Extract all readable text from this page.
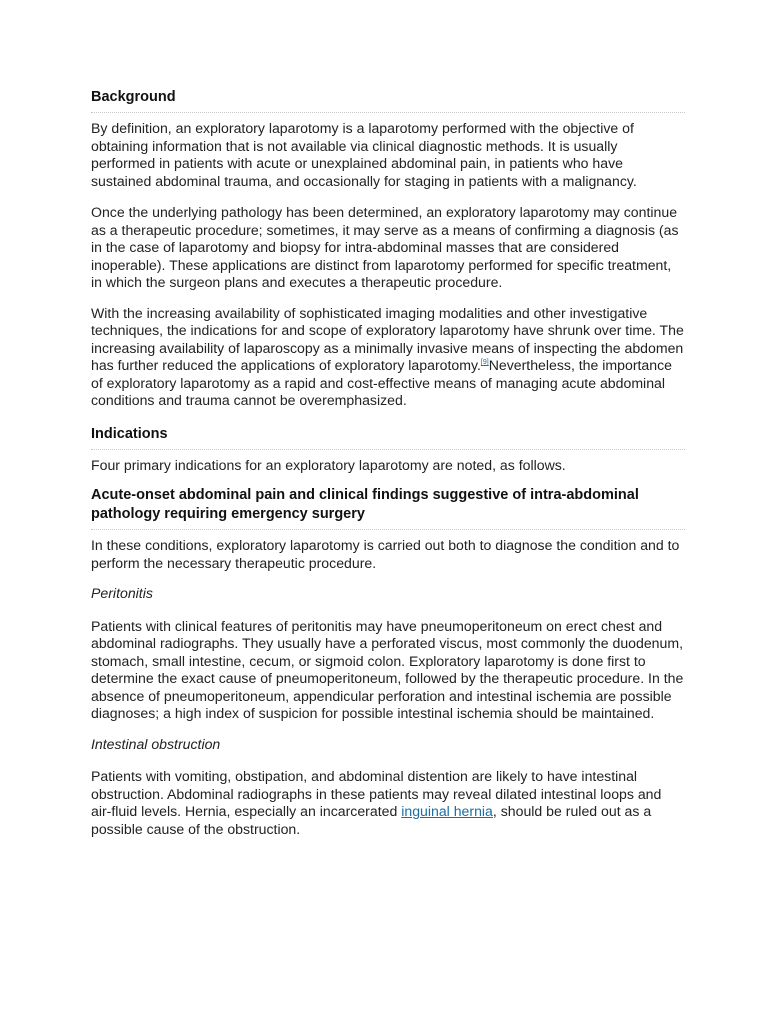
Background

By definition, an exploratory laparotomy is a laparotomy performed with the objective of obtaining information that is not available via clinical diagnostic methods. It is usually performed in patients with acute or unexplained abdominal pain, in patients who have sustained abdominal trauma, and occasionally for staging in patients with a malignancy.

Once the underlying pathology has been determined, an exploratory laparotomy may continue as a therapeutic procedure; sometimes, it may serve as a means of confirming a diagnosis (as in the case of laparotomy and biopsy for intra-abdominal masses that are considered inoperable). These applications are distinct from laparotomy performed for specific treatment, in which the surgeon plans and executes a therapeutic procedure.

With the increasing availability of sophisticated imaging modalities and other investigative techniques, the indications for and scope of exploratory laparotomy have shrunk over time. The increasing availability of laparoscopy as a minimally invasive means of inspecting the abdomen has further reduced the applications of exploratory laparotomy.[9]Nevertheless, the importance of exploratory laparotomy as a rapid and cost-effective means of managing acute abdominal conditions and trauma cannot be overemphasized.

Indications

Four primary indications for an exploratory laparotomy are noted, as follows.

Acute-onset abdominal pain and clinical findings suggestive of intra-abdominal pathology requiring emergency surgery

In these conditions, exploratory laparotomy is carried out both to diagnose the condition and to perform the necessary therapeutic procedure.

Peritonitis

Patients with clinical features of peritonitis may have pneumoperitoneum on erect chest and abdominal radiographs. They usually have a perforated viscus, most commonly the duodenum, stomach, small intestine, cecum, or sigmoid colon. Exploratory laparotomy is done first to determine the exact cause of pneumoperitoneum, followed by the therapeutic procedure. In the absence of pneumoperitoneum, appendicular perforation and intestinal ischemia are possible diagnoses; a high index of suspicion for possible intestinal ischemia should be maintained.

Intestinal obstruction

Patients with vomiting, obstipation, and abdominal distention are likely to have intestinal obstruction. Abdominal radiographs in these patients may reveal dilated intestinal loops and air-fluid levels. Hernia, especially an incarcerated inguinal hernia, should be ruled out as a possible cause of the obstruction.
